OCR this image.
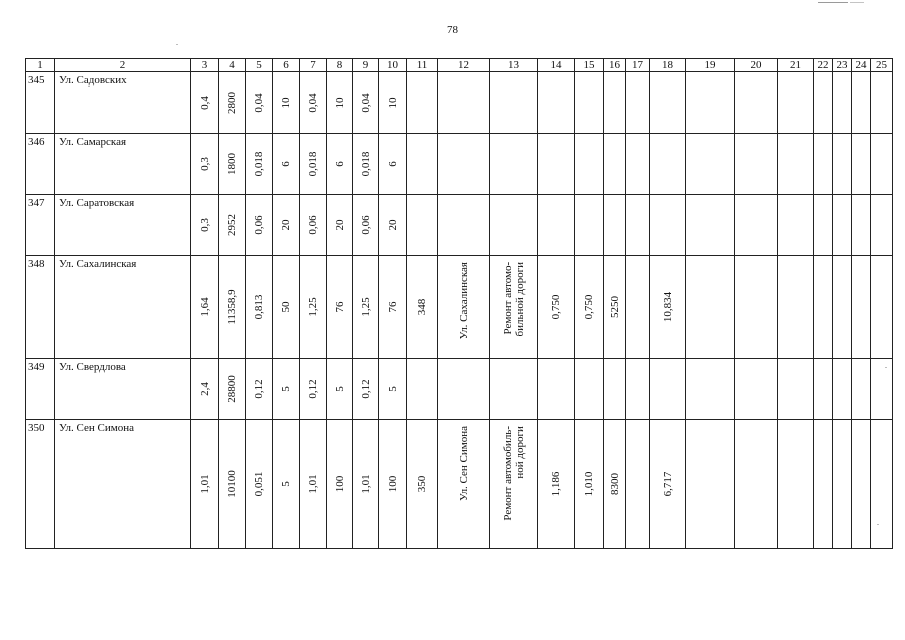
78
1	2	3	4	5	6	7	8	9	10	11	12	13	14	15	16	17	18	19	20	21	22	23	24	25
345	Ул. Садовских	0,4	2800	0,04	10	0,04	10	0,04	10															

346	Ул. Самарская	0,3	1800	0,018	6	0,018	6	0,018	6															

347	Ул. Саратовская	0,3	2952	0,06	20	0,06	20	0,06	20															

348	Ул. Сахалинская	1,64	11358,9	0,813	50	1,25	76	1,25	76	348	Ул. Сахалинская	Ремонт автомо-
бильной дороги	0,750	0,750	5250		10,834							

349	Ул. Свердлова	2,4	28800	0,12	5	0,12	5	0,12	5															

350	Ул. Сен Симона	1,01	10100	0,051	5	1,01	100	1,01	100	350	Ул. Сен Симона	Ремонт автомобиль-
ной дороги	1,186	1,010	8300		6,717							
